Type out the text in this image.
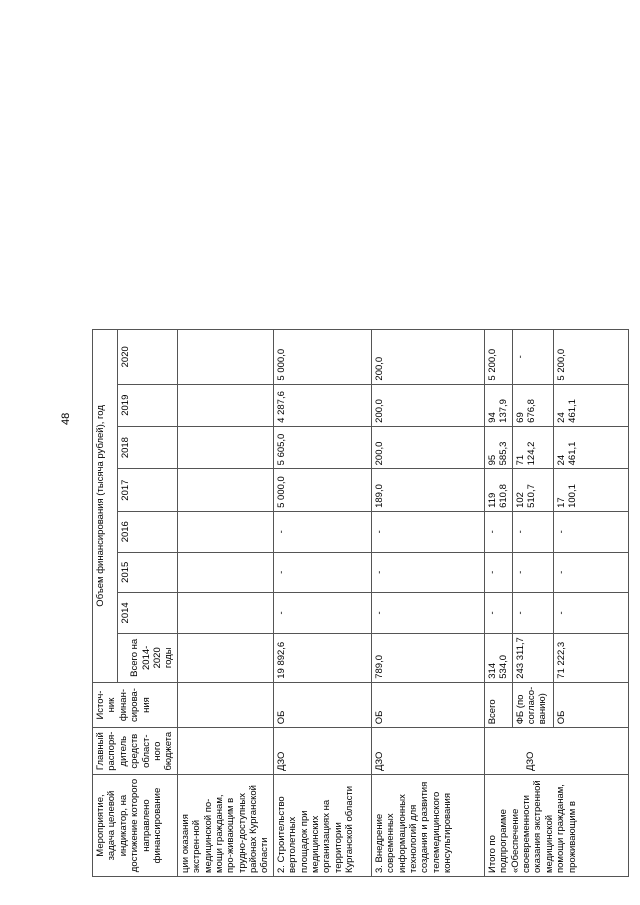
48
Мероприятие, задача целевой индикатор, на достижение которого направлено финансирование	Главный распоря-дитель средств област-ного бюджета	Источ-ник финан-сирова-ния	Объем финансирования (тысяча рублей), год							
			Всего на 2014-2020 годы	2014	2015	2016	2017	2018	2019	2020
ции оказания экстрен-ной медицинской по-мощи гражданам, про-живающим в трудно-доступных районах Курганской области										
2. Строительство вертолетных площадок при медицинских организациях на территории Курганской области	ДЗО	ОБ	19 892,6	-	-	-	5 000,0	5 605,0	4 287,6	5 000,0
3. Внедрение современных информационных технологий для создания и развития телемедицинского консультирования	ДЗО	ОБ	789,0	-	-	-	189,0	200,0	200,0	200,0
Итого по подпрограмме «Обеспечение своевременности оказания экстренной медицинской помощи гражданам, проживающим в	ДЗО	Всего	314 534,0	-	-	-	119 610,8	95 585,3	94 137,9	5 200,0
		ФБ (по согласо-ванию)	243 311,7	-	-	-	102 510,7	71 124,2	69 676,8	-
		ОБ	71 222,3	-	-	-	17 100,1	24 461,1	24 461,1	5 200,0
